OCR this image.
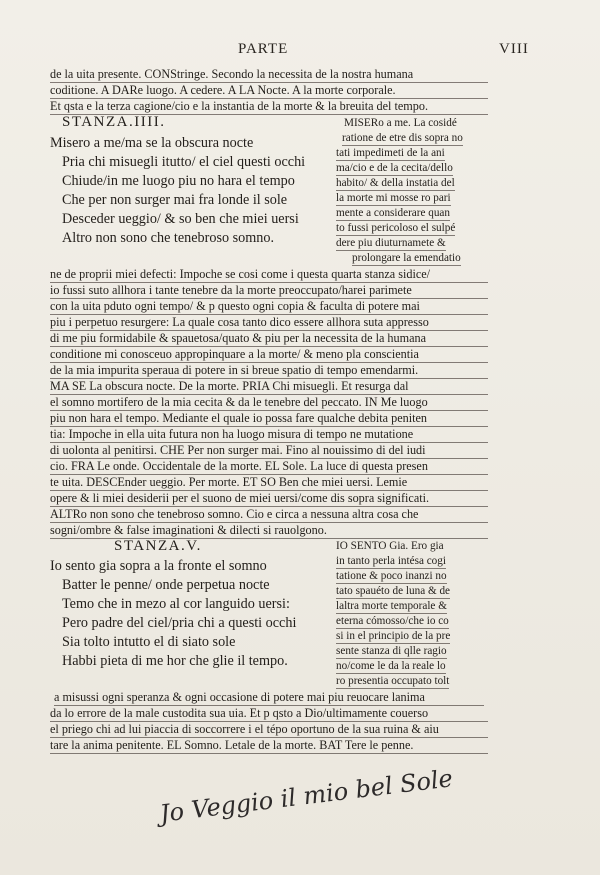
PARTE	VIII
de la uita presente. CONStringe. Secondo la necessita de la nostra humana
coditione. A DARe luogo. A cedere. A LA Nocte. A la morte corporale.
Et qsta e la terza cagione/cio e la instantia de la morte & la breuita del tempo.
STANZA.IIII.
Misero a me/ma se la obscura nocte
Pria chi misuegli itutto/ el ciel questi occhi
Chiude/in me luogo piu no hara el tempo
Che per non surger mai fra londe il sole
Desceder ueggio/ & so ben che miei uersi
Altro non sono che tenebroso somno.
MISERo a me. La cosidé
ratione de etre dis sopra no
tati impedimeti de la ani
ma/cio e de la cecita/dello
habito/ & della instatia del
la morte mi mosse ro pari
mente a considerare quan
to fussi pericoloso el sulpé
dere piu diuturnamete &
prolongare la emendatio
ne de proprii miei defecti: Impoche se cosi come i questa quarta stanza sidice/
io fussi suto allhora i tante tenebre da la morte preoccupato/harei parimete
con la uita pduto ogni tempo/ & p questo ogni copia & faculta di potere mai
piu i perpetuo resurgere: La quale cosa tanto dico essere allhora suta appresso
di me piu formidabile & spauetosa/quato & piu per la necessita de la humana
conditione mi conosceuo appropinquare a la morte/ & meno pla conscientia
de la mia impurita speraua di potere in si breue spatio di tempo emendarmi.
MA SE La obscura nocte. De la morte. PRIA Chi misuegli. Et resurga dal
el somno mortifero de la mia cecita & da le tenebre del peccato. IN Me luogo
piu non hara el tempo. Mediante el quale io possa fare qualche debita peniten
tia: Impoche in ella uita futura non ha luogo misura di tempo ne mutatione
di uolonta al penitirsi. CHE Per non surger mai. Fino al nouissimo di del iudi
cio. FRA Le onde. Occidentale de la morte. EL Sole. La luce di questa presen
te uita. DESCEnder ueggio. Per morte. ET SO Ben che miei uersi. Lemie
opere & li miei desiderii per el suono de miei uersi/come dis sopra significati.
ALTRo non sono che tenebroso somno. Cio e circa a nessuna altra cosa che
sogni/ombre & false imaginationi & dilecti si rauolgono.
STANZA.V.
Io sento gia sopra a la fronte el somno
Batter le penne/ onde perpetua nocte
Temo che in mezo al cor languido uersi:
Pero padre del ciel/pria chi a questi occhi
Sia tolto intutto el di siato sole
Habbi pieta di me hor che glie il tempo.
IO SENTO Gia. Ero gia
in tanto perla intésa cogi
tatione & poco inanzi no
tato spauéto de luna & de
laltra morte temporale &
eterna cómosso/che io co
si in el principio de la pre
sente stanza di qlle ragio
no/come le da la reale lo
ro presentia occupato tolt
a misussi ogni speranza & ogni occasione di potere mai piu reuocare lanima
da lo errore de la male custodita sua uia. Et p qsto a Dio/ultimamente couerso
el priego chi ad lui piaccia di soccorrere i el tépo oportuno de la sua ruina & aiu
tare la anima penitente. EL Somno. Letale de la morte. BAT Tere le penne.
Jo Veggio il mio bel Sole
